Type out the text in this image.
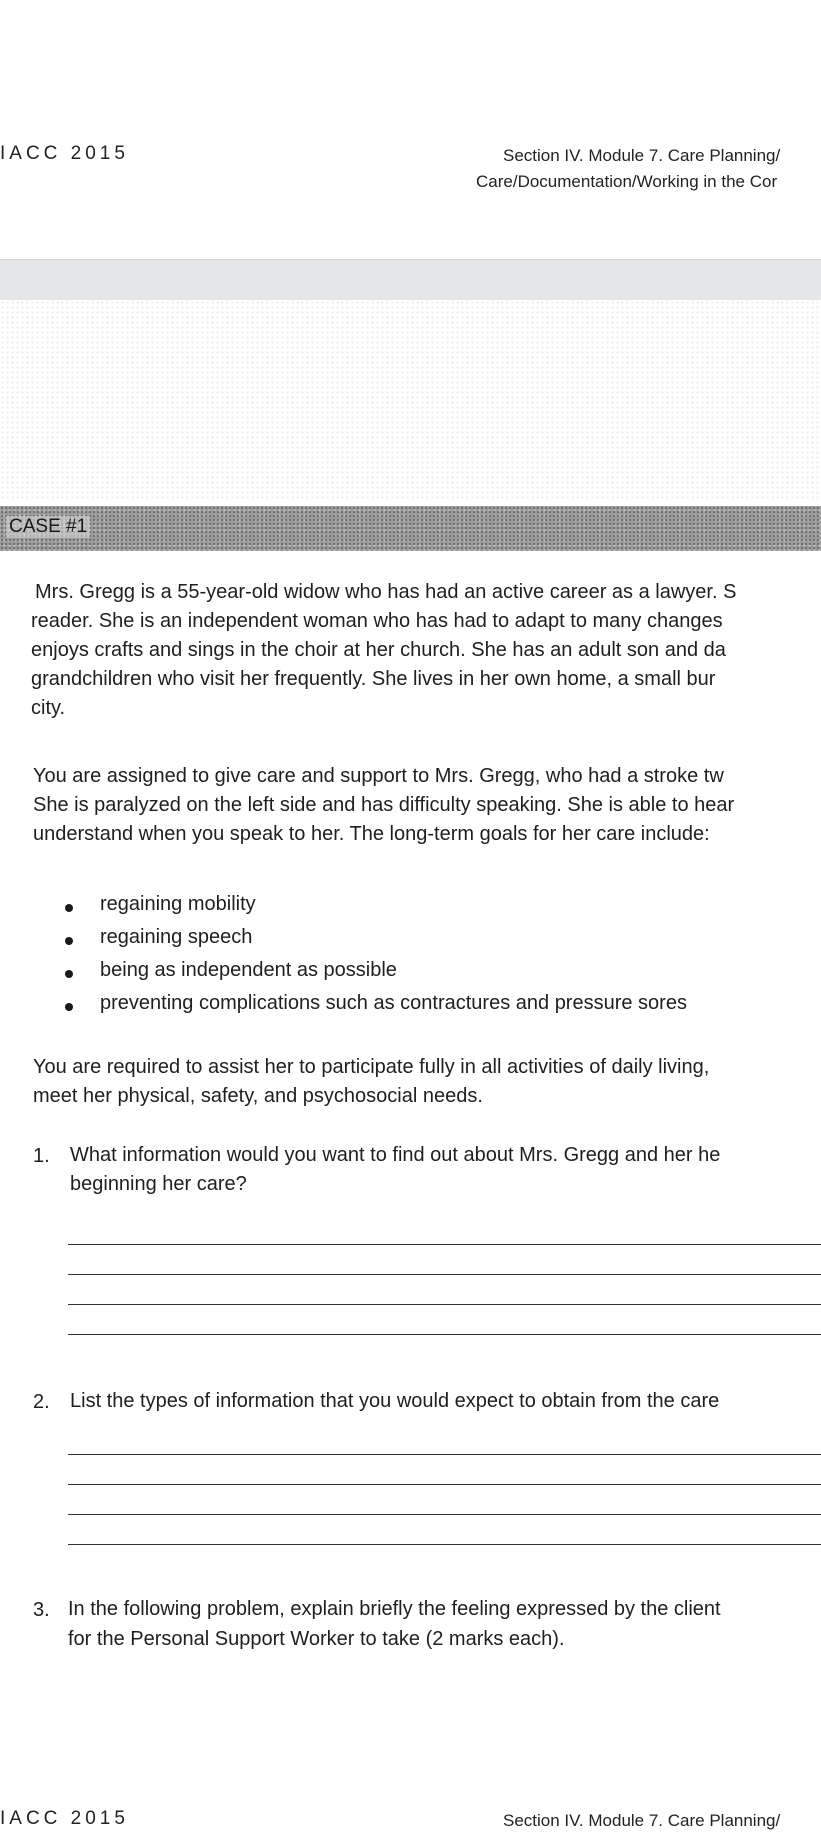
IACC 2015	Section IV. Module 7. Care Planning/
Care/Documentation/Working in the Cor
CASE #1
Mrs. Gregg is a 55-year-old widow who has had an active career as a lawyer. S
reader. She is an independent woman who has had to adapt to many changes
enjoys crafts and sings in the choir at her church. She has an adult son and da
grandchildren who visit her frequently. She lives in her own home, a small bur
city.
You are assigned to give care and support to Mrs. Gregg, who had a stroke tw
She is paralyzed on the left side and has difficulty speaking. She is able to hear
understand when you speak to her. The long-term goals for her care include:
regaining mobility
regaining speech
being as independent as possible
preventing complications such as contractures and pressure sores
You are required to assist her to participate fully in all activities of daily living,
meet her physical, safety, and psychosocial needs.
1. What information would you want to find out about Mrs. Gregg and her he
beginning her care?
2. List the types of information that you would expect to obtain from the care
3. In the following problem, explain briefly the feeling expressed by the client
for the Personal Support Worker to take (2 marks each).
IACC 2015	Section IV. Module 7. Care Planning/
